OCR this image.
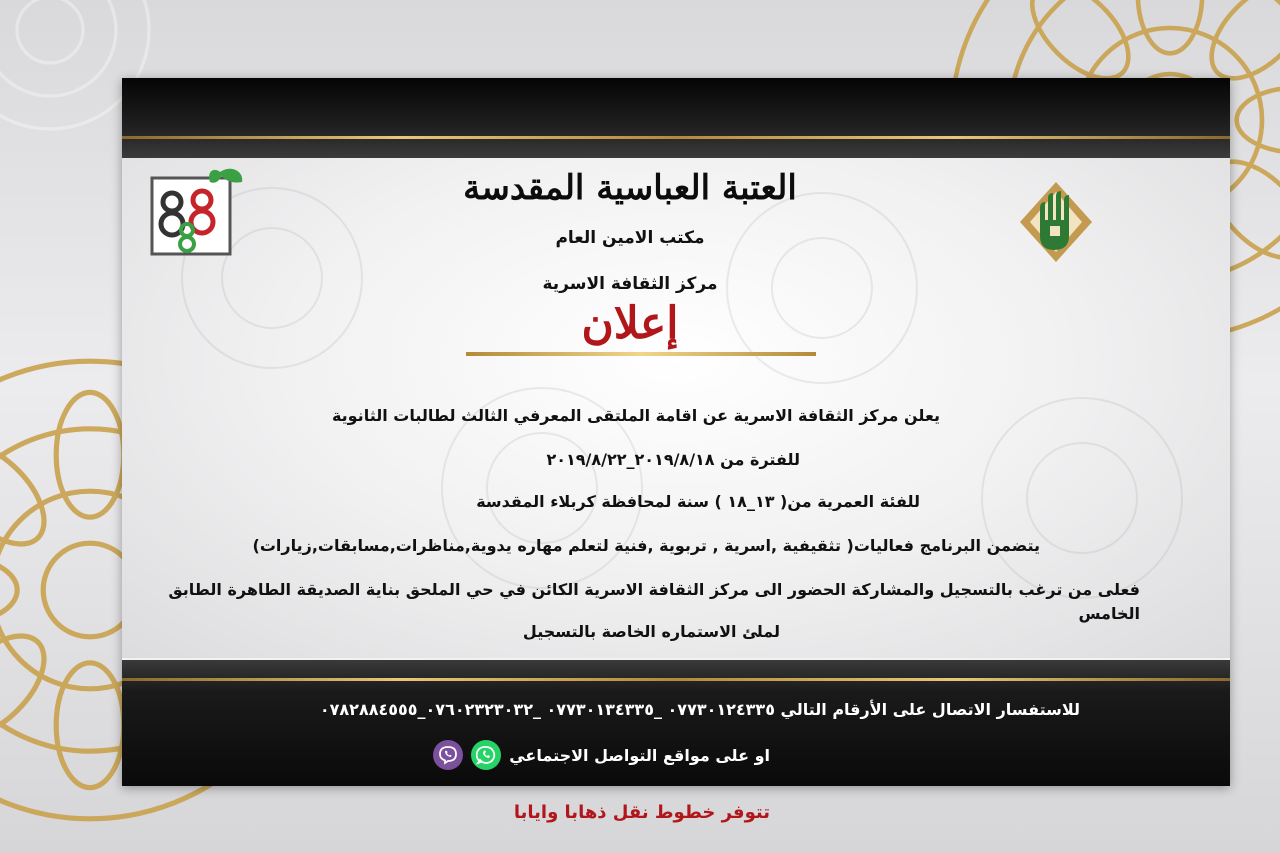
العتبة العباسية المقدسة
مكتب الامين العام
مركز الثقافة الاسرية
إعلان
يعلن مركز الثقافة الاسرية عن اقامة الملتقى المعرفي الثالث لطالبات الثانوية
للفترة من ٢٠١٩/٨/١٨_٢٠١٩/٨/٢٢
للفئة العمرية من( ١٣_١٨ ) سنة لمحافظة كربلاء المقدسة
يتضمن البرنامج فعاليات( تثقيفية ,اسرية , تربوية ,فنية لتعلم مهاره يدوية,مناظرات,مسابقات,زيارات)
فعلى من ترغب بالتسجيل والمشاركة الحضور الى مركز الثقافة الاسرية الكائن في حي الملحق بناية الصديقة الطاهرة الطابق الخامس
لملئ الاستماره الخاصة بالتسجيل
للاستفسار الاتصال على الأرقام التالي ٠٧٧٣٠١٢٤٣٣٥ _٠٧٧٣٠١٣٤٣٣٥ _٠٧٦٠٢٣٢٣٠٣٢_٠٧٨٢٨٨٤٥٥٥
او على مواقع التواصل الاجتماعي
تتوفر خطوط نقل ذهابا وايابا
